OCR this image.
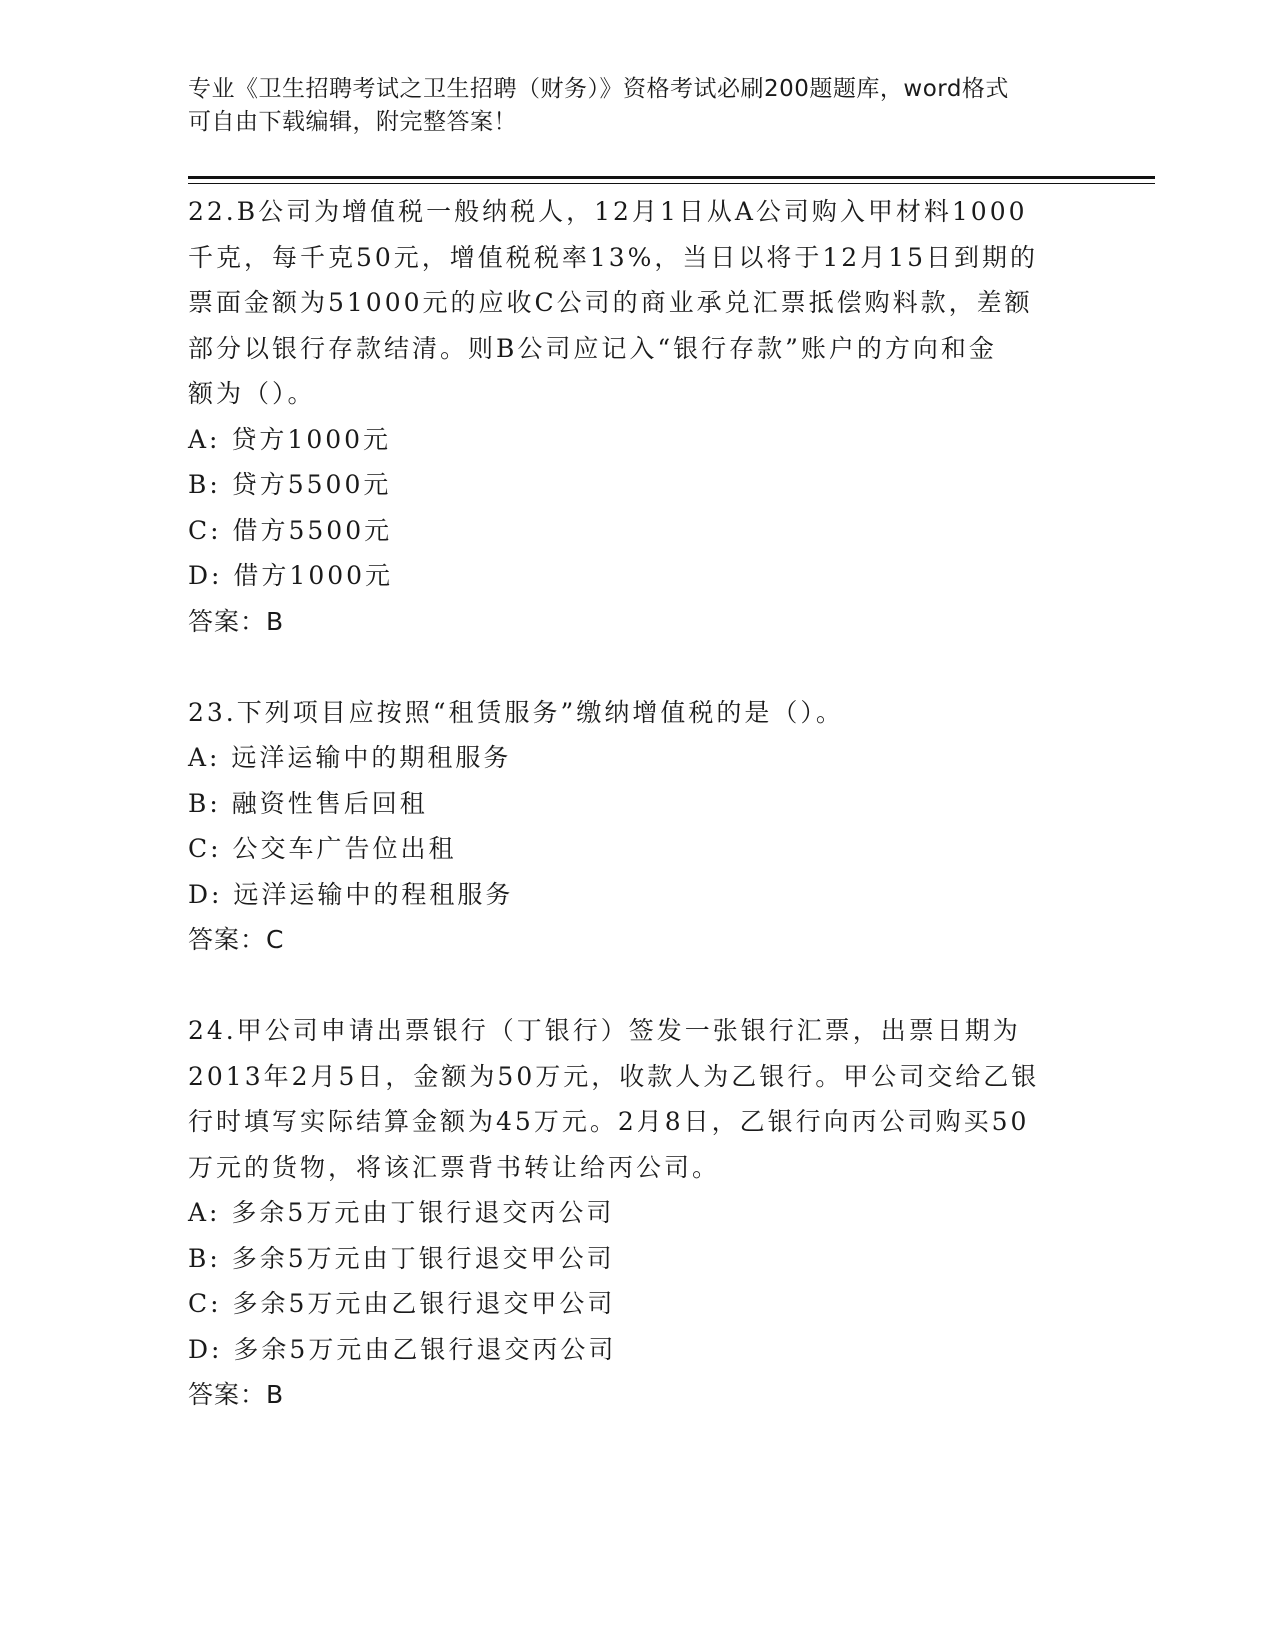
专业《卫生招聘考试之卫生招聘（财务）》资格考试必刷200题题库，word格式
可自由下载编辑，附完整答案！
22.B公司为增值税一般纳税人，12月1日从A公司购入甲材料1000
千克，每千克50元，增值税税率13%，当日以将于12月15日到期的
票面金额为51000元的应收C公司的商业承兑汇票抵偿购料款，差额
部分以银行存款结清。则B公司应记入“银行存款”账户的方向和金
额为（）。
A: 贷方1000元
B: 贷方5500元
C: 借方5500元
D: 借方1000元
答案：B
23.下列项目应按照“租赁服务”缴纳增值税的是（）。
A: 远洋运输中的期租服务
B: 融资性售后回租
C: 公交车广告位出租
D: 远洋运输中的程租服务
答案：C
24.甲公司申请出票银行（丁银行）签发一张银行汇票，出票日期为
2013年2月5日，金额为50万元，收款人为乙银行。甲公司交给乙银
行时填写实际结算金额为45万元。2月8日，乙银行向丙公司购买50
万元的货物，将该汇票背书转让给丙公司。
A: 多余5万元由丁银行退交丙公司
B: 多余5万元由丁银行退交甲公司
C: 多余5万元由乙银行退交甲公司
D: 多余5万元由乙银行退交丙公司
答案：B
